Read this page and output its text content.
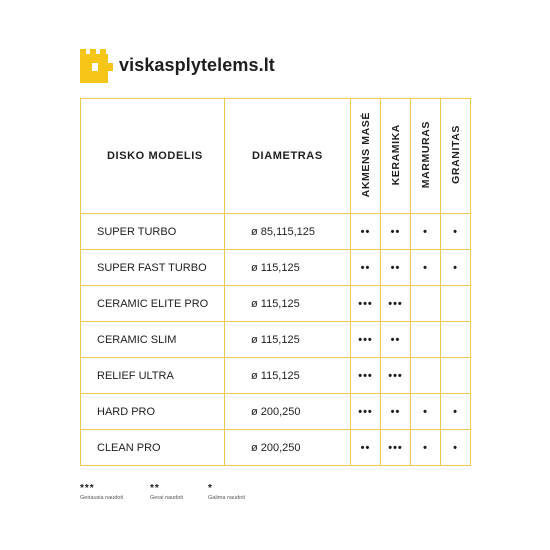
viskasplytelems.lt
DISKO MODELIS	DIAMETRAS	AKMENS MASĖ	KERAMIKA	MARMURAS	GRANITAS
SUPER TURBO	ø 85,115,125	••	••	•	•
SUPER FAST TURBO	ø 115,125	••	••	•	•
CERAMIC ELITE PRO	ø 115,125	•••	•••		
CERAMIC SLIM	ø 115,125	•••	••		
RELIEF ULTRA	ø 115,125	•••	•••		
HARD PRO	ø 200,250	•••	••	•	•
CLEAN PRO	ø 200,250	••	•••	•	•
***
Geriausia naudoti
**
Gerai naudoti
*
Galima naudoti
